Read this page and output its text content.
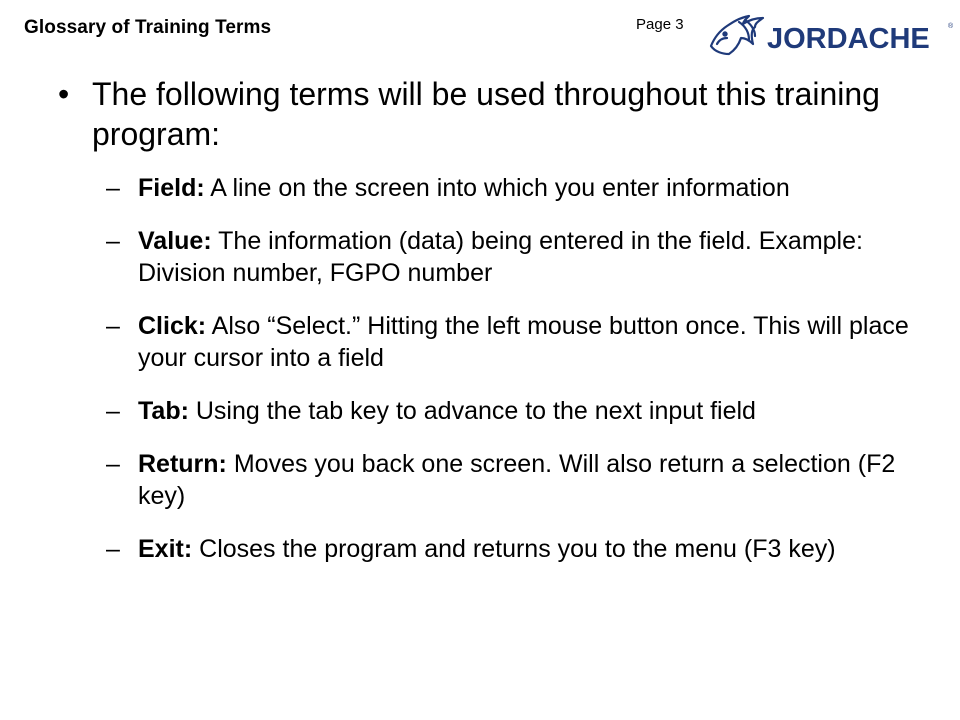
Glossary of Training Terms	Page 3	JORDACHE	®
• The following terms will be used throughout this training program:
– Field: A line on the screen into which you enter information
– Value: The information (data) being entered in the field. Example: Division number, FGPO number
– Click: Also “Select.” Hitting the left mouse button once. This will place your cursor into a field
– Tab: Using the tab key to advance to the next input field
– Return: Moves you back one screen. Will also return a selection (F2 key)
– Exit: Closes the program and returns you to the menu (F3 key)
